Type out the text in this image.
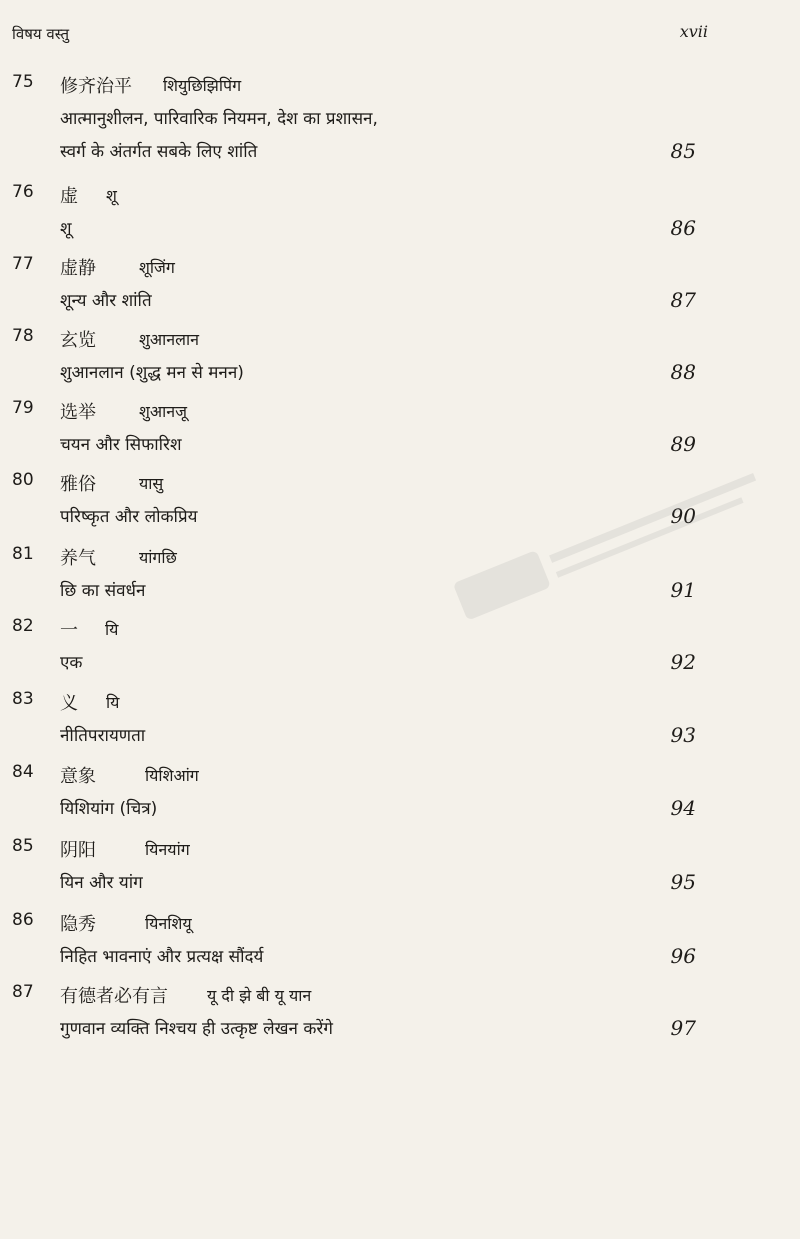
विषय वस्तु	xvii
75 修齐治平 शियुछिझिपिंग
आत्मानुशीलन, पारिवारिक नियमन, देश का प्रशासन,
स्वर्ग के अंतर्गत सबके लिए शांति	85
76 虚 शू
शू	86
77 虚静	शूजिंग
शून्य और शांति	87
78 玄览	शुआनलान
शुआनलान (शुद्ध मन से मनन)	88
79 选举	शुआनजू
चयन और सिफारिश	89
80 雅俗	यासु
परिष्कृत और लोकप्रिय	90
81 养气	यांगछि
छि का संवर्धन	91
82 一 यि
एक	92
83 义 यि
नीतिपरायणता	93
84 意象	यिशिआंग
यिशियांग (चित्र)	94
85 阴阳	यिनयांग
यिन और यांग	95
86 隐秀	यिनशियू
निहित भावनाएं और प्रत्यक्ष सौंदर्य	96
87 有德者必有言 यू दी झे बी यू यान
गुणवान व्यक्ति निश्चय ही उत्कृष्ट लेखन करेंगे	97
